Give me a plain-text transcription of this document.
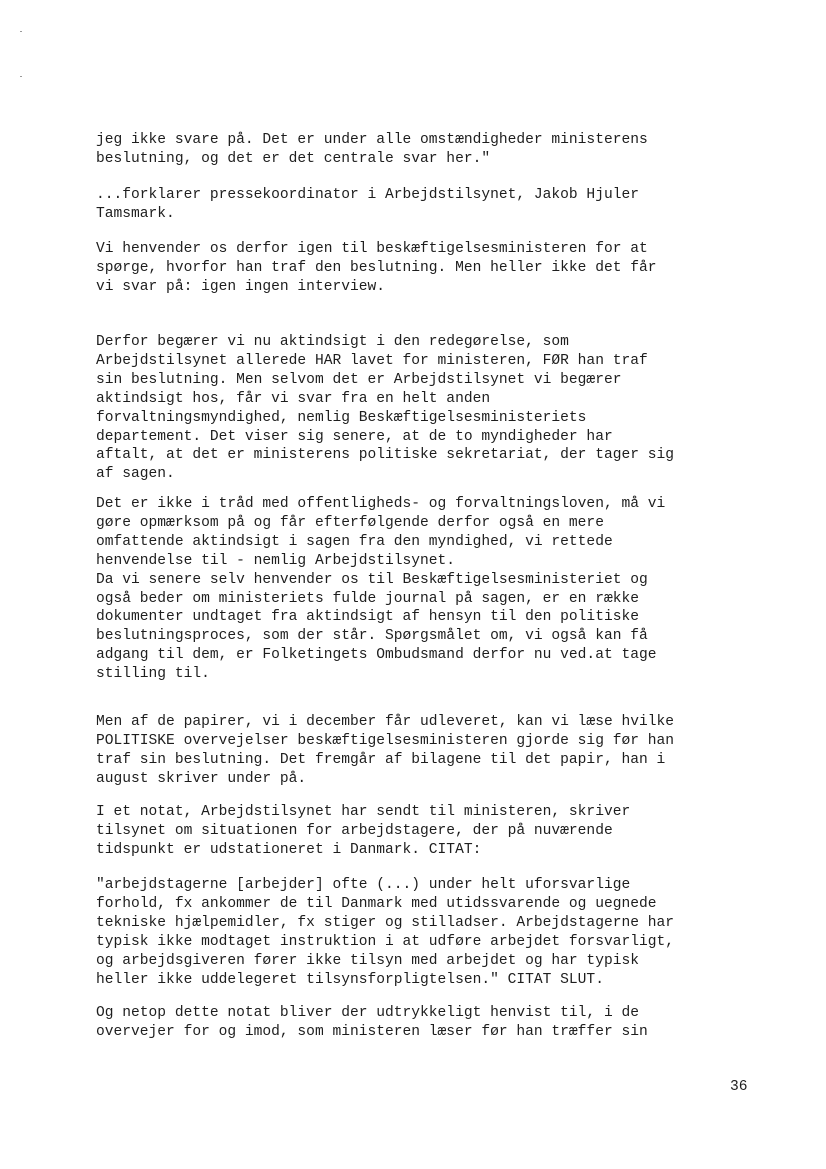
jeg ikke svare på. Det er under alle omstændigheder ministerens
beslutning, og det er det centrale svar her."

...forklarer pressekoordinator i Arbejdstilsynet, Jakob Hjuler
Tamsmark.

Vi henvender os derfor igen til beskæftigelsesministeren for at
spørge, hvorfor han traf den beslutning. Men heller ikke det får
vi svar på: igen ingen interview.

Derfor begærer vi nu aktindsigt i den redegørelse, som
Arbejdstilsynet allerede HAR lavet for ministeren, FØR han traf
sin beslutning. Men selvom det er Arbejdstilsynet vi begærer
aktindsigt hos, får vi svar fra en helt anden
forvaltningsmyndighed, nemlig Beskæftigelsesministeriets
departement. Det viser sig senere, at de to myndigheder har
aftalt, at det er ministerens politiske sekretariat, der tager sig
af sagen.

Det er ikke i tråd med offentligheds- og forvaltningsloven, må vi
gøre opmærksom på og får efterfølgende derfor også en mere
omfattende aktindsigt i sagen fra den myndighed, vi rettede
henvendelse til - nemlig Arbejdstilsynet.
Da vi senere selv henvender os til Beskæftigelsesministeriet og
også beder om ministeriets fulde journal på sagen, er en række
dokumenter undtaget fra aktindsigt af hensyn til den politiske
beslutningsproces, som der står. Spørgsmålet om, vi også kan få
adgang til dem, er Folketingets Ombudsmand derfor nu ved.at tage
stilling til.

Men af de papirer, vi i december får udleveret, kan vi læse hvilke
POLITISKE overvejelser beskæftigelsesministeren gjorde sig før han
traf sin beslutning. Det fremgår af bilagene til det papir, han i
august skriver under på.

I et notat, Arbejdstilsynet har sendt til ministeren, skriver
tilsynet om situationen for arbejdstagere, der på nuværende
tidspunkt er udstationeret i Danmark. CITAT:

"arbejdstagerne [arbejder] ofte (...) under helt uforsvarlige
forhold, fx ankommer de til Danmark med utidssvarende og uegnede
tekniske hjælpemidler, fx stiger og stilladser. Arbejdstagerne har
typisk ikke modtaget instruktion i at udføre arbejdet forsvarligt,
og arbejdsgiveren fører ikke tilsyn med arbejdet og har typisk
heller ikke uddelegeret tilsynsforpligtelsen." CITAT SLUT.

Og netop dette notat bliver der udtrykkeligt henvist til, i de
overvejer for og imod, som ministeren læser før han træffer sin

36
